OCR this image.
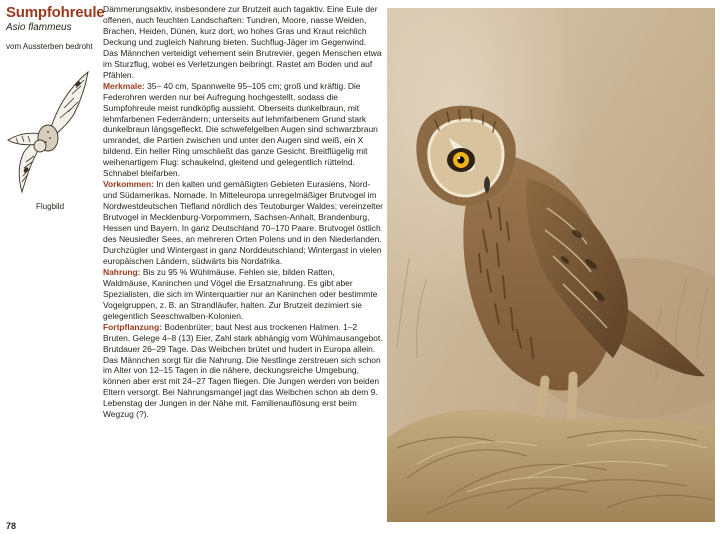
Sumpfohreule
Asio flammeus
vom Aussterben bedroht
Flugbild

Dämmerungsaktiv, insbesondere zur Brutzeit auch tagaktiv. Eine Eule der offenen, auch feuchten Landschaften: Tundren, Moore, nasse Weiden, Brachen, Heiden, Dünen, kurz dort, wo hohes Gras und Kraut reichlich Deckung und zugleich Nahrung bieten. Suchflug-Jäger im Gegenwind. Das Männchen verteidigt vehement sein Brutrevier, gegen Menschen etwa im Sturzflug, wobei es Verletzungen beibringt. Rastet am Boden und auf Pfählen.

Merkmale: 35– 40 cm, Spannweite 95–105 cm; groß und kräftig. Die Federohren werden nur bei Aufregung hochgestellt, sodass die Sumpfohreule meist rundköpfig aussieht. Oberseits dunkelbraun, mit lehmfarbenen Federrändern; unterseits auf lehmfarbenem Grund stark dunkelbraun längsgefleckt. Die schwefelgelben Augen sind schwarzbraun umrandet, die Partien zwischen und unter den Augen sind weiß, ein X bildend. Ein heller Ring umschließt das ganze Gesicht. Breitflügelig mit weihenartigem Flug: schaukelnd, gleitend und gelegentlich rüttelnd. Schnabel bleifarben.

Vorkommen: In den kalten und gemäßigten Gebieten Eurasiens, Nord- und Südamerikas. Nomade. In Mitteleuropa unregelmäßiger Brutvogel im Nordwestdeutschen Tiefland nördlich des Teutoburger Waldes; vereinzelter Brutvogel in Mecklenburg-Vorpommern, Sachsen-Anhalt, Brandenburg, Hessen und Bayern. In ganz Deutschland 70–170 Paare. Brutvogel östlich des Neusiedler Sees, an mehreren Orten Polens und in den Niederlanden. Durchzügler und Wintergast in ganz Norddeutschland; Wintergast in vielen europäischen Ländern, südwärts bis Nordafrika.

Nahrung: Bis zu 95 % Wühlmäuse. Fehlen sie, bilden Ratten, Waldmäuse, Kaninchen und Vögel die Ersatznahrung. Es gibt aber Spezialisten, die sich im Winterquartier nur an Kaninchen oder bestimmte Vogelgruppen, z. B. an Strandläufer, halten. Zur Brutzeit dezimiert sie gelegentlich Seeschwalben-Kolonien.

Fortpflanzung: Bodenbrüter; baut Nest aus trockenen Halmen. 1–2 Bruten. Gelege 4–8 (13) Eier, Zahl stark abhängig vom Wühlmausangebot. Brutdauer 26–29 Tage. Das Weibchen brütet und hudert in Europa allein. Das Männchen sorgt für die Nahrung. Die Nestlinge zerstreuen sich schon im Alter von 12–15 Tagen in die nähere, deckungsreiche Umgebung, können aber erst mit 24–27 Tagen fliegen. Die Jungen werden von beiden Eltern versorgt. Bei Nahrungsmangel jagt das Weibchen schon ab dem 9. Lebenstag der Jungen in der Nähe mit. Familienauflösung erst beim Wegzug (?).

78
